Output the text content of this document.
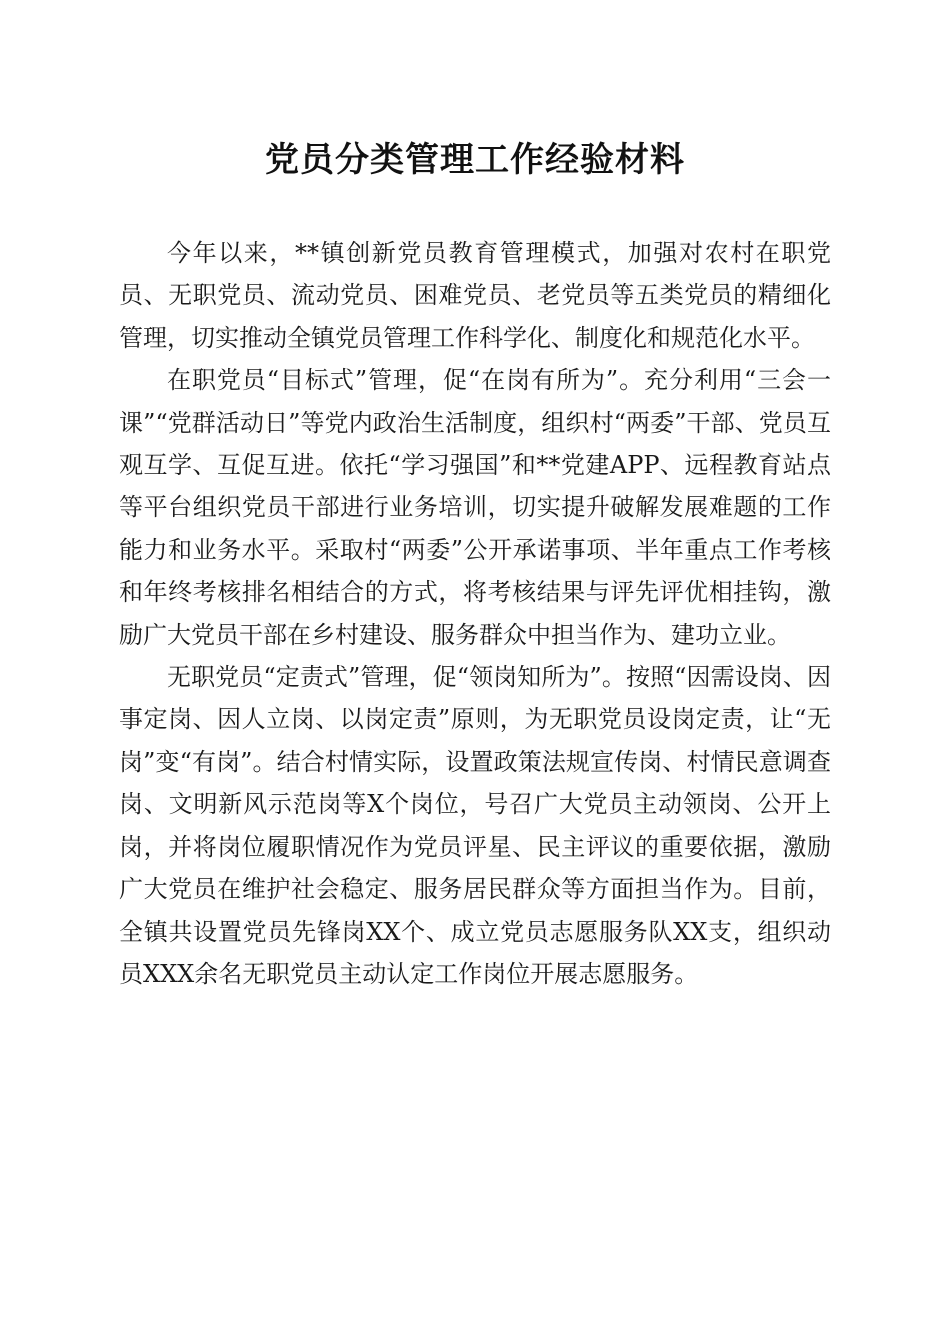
党员分类管理工作经验材料

今年以来，**镇创新党员教育管理模式，加强对农村在职党员、无职党员、流动党员、困难党员、老党员等五类党员的精细化管理，切实推动全镇党员管理工作科学化、制度化和规范化水平。

在职党员“目标式”管理，促“在岗有所为”。充分利用“三会一课”“党群活动日”等党内政治生活制度，组织村“两委”干部、党员互观互学、互促互进。依托“学习强国”和**党建APP、远程教育站点等平台组织党员干部进行业务培训，切实提升破解发展难题的工作能力和业务水平。采取村“两委”公开承诺事项、半年重点工作考核和年终考核排名相结合的方式，将考核结果与评先评优相挂钩，激励广大党员干部在乡村建设、服务群众中担当作为、建功立业。

无职党员“定责式”管理，促“领岗知所为”。按照“因需设岗、因事定岗、因人立岗、以岗定责”原则，为无职党员设岗定责，让“无岗”变“有岗”。结合村情实际，设置政策法规宣传岗、村情民意调查岗、文明新风示范岗等X个岗位，号召广大党员主动领岗、公开上岗，并将岗位履职情况作为党员评星、民主评议的重要依据，激励广大党员在维护社会稳定、服务居民群众等方面担当作为。目前，全镇共设置党员先锋岗XX个、成立党员志愿服务队XX支，组织动员XXX余名无职党员主动认定工作岗位开展志愿服务。
